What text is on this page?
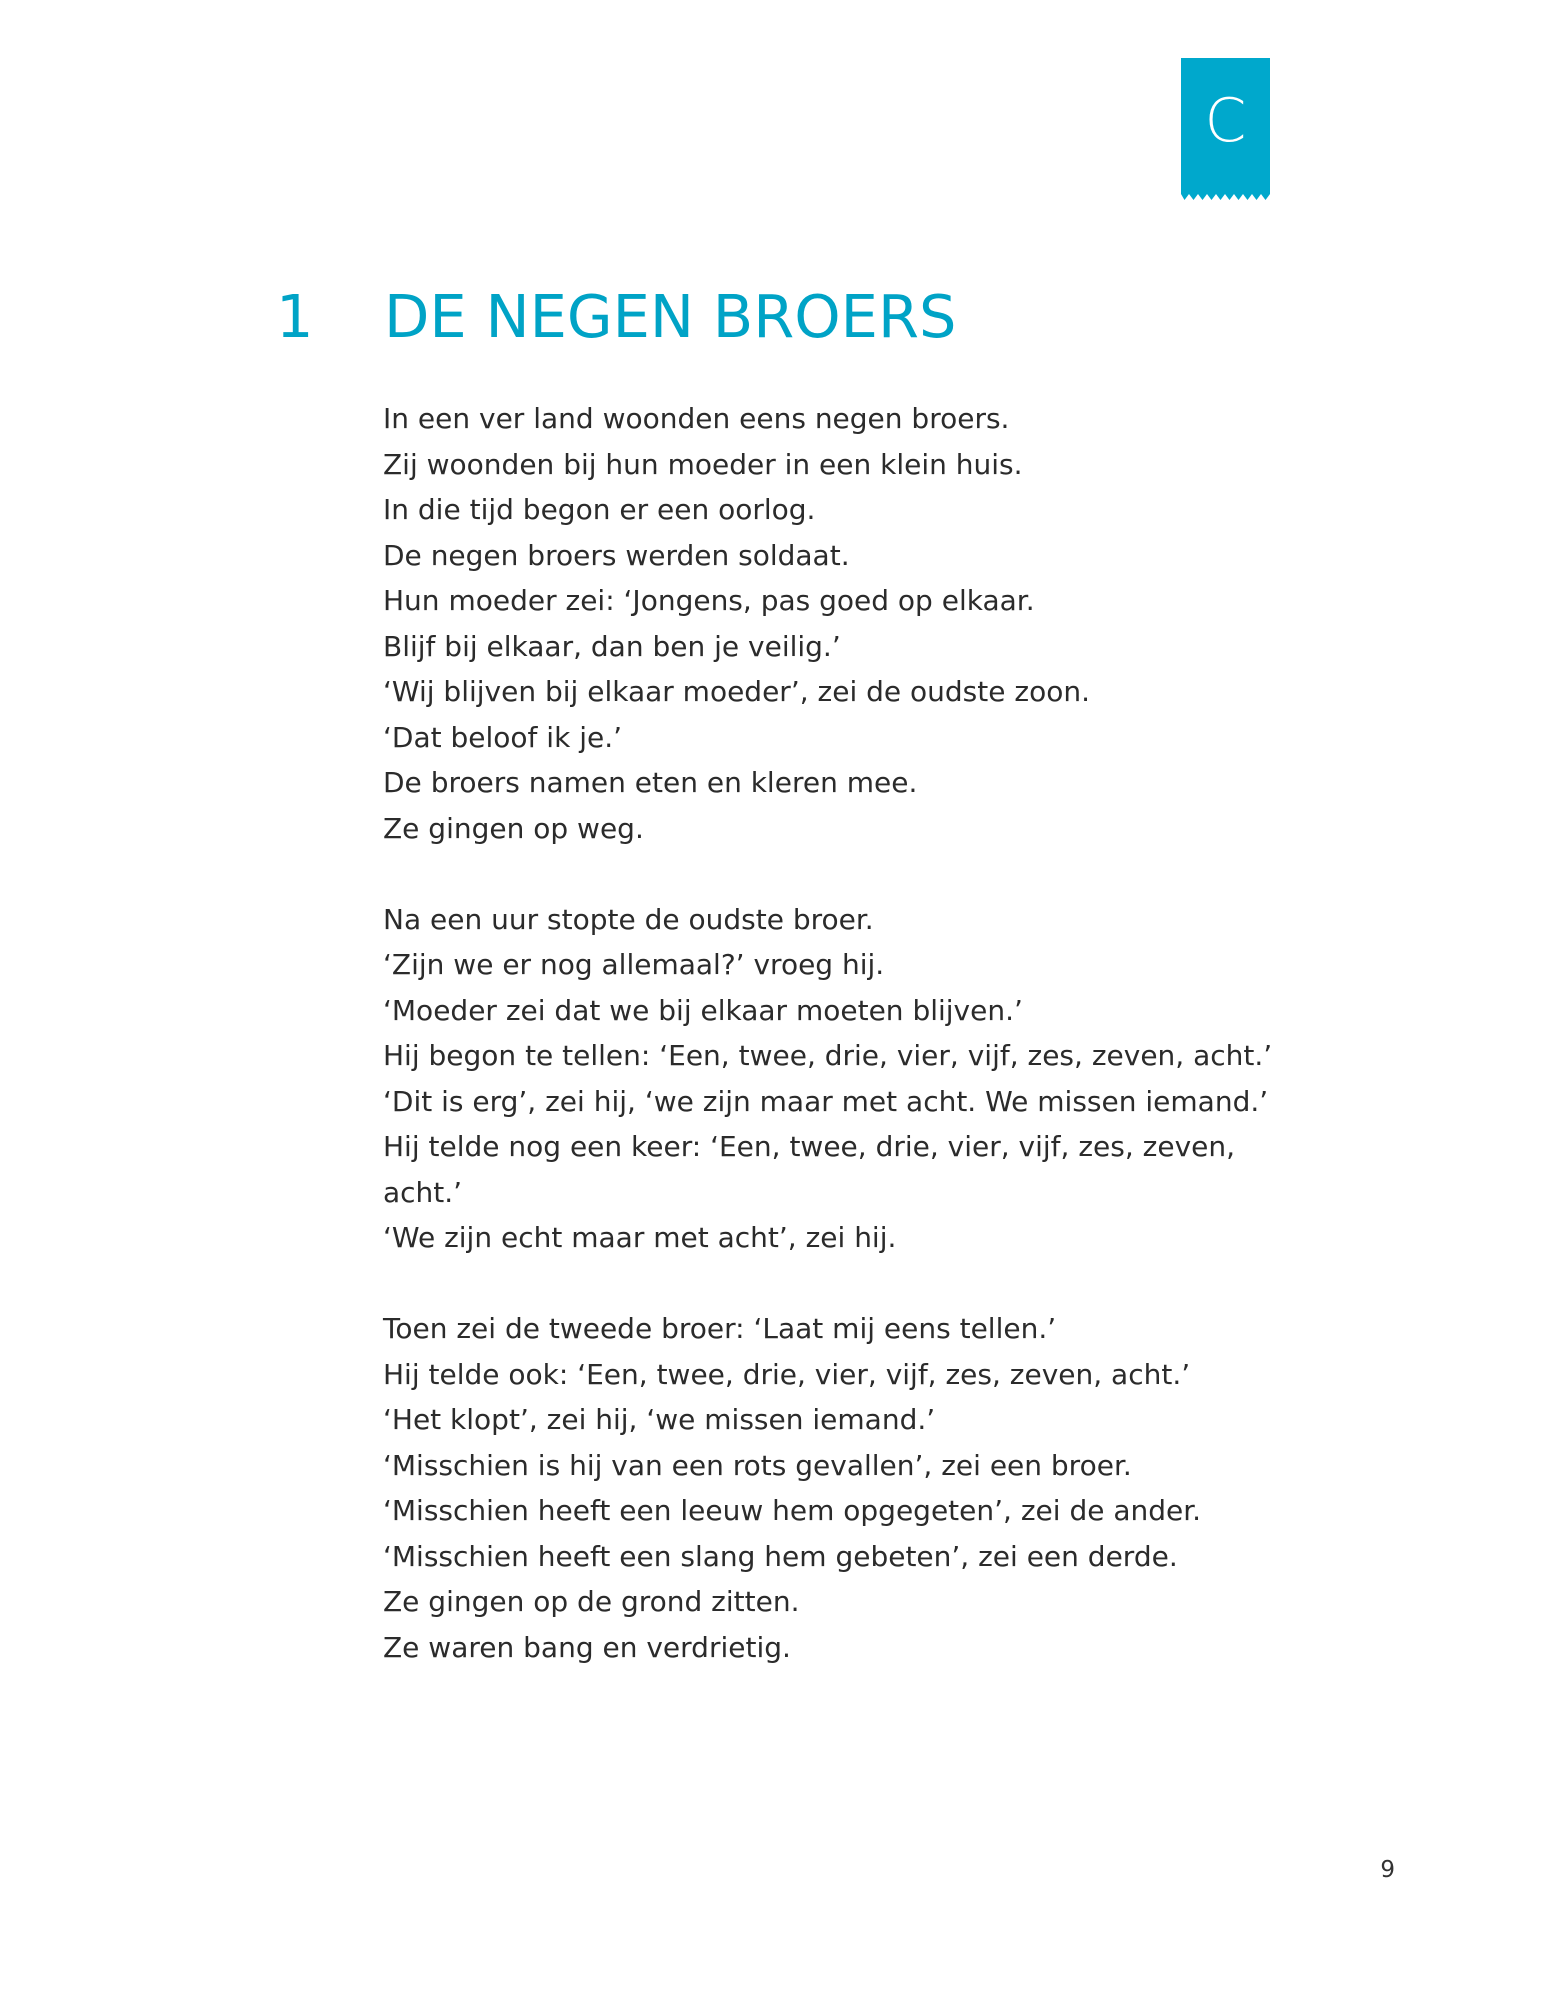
C
1 DE NEGEN BROERS
In een ver land woonden eens negen broers.
Zij woonden bij hun moeder in een klein huis.
In die tijd begon er een oorlog.
De negen broers werden soldaat.
Hun moeder zei: ‘Jongens, pas goed op elkaar.
Blijf bij elkaar, dan ben je veilig.’
‘Wij blijven bij elkaar moeder’, zei de oudste zoon.
‘Dat beloof ik je.’
De broers namen eten en kleren mee.
Ze gingen op weg.
Na een uur stopte de oudste broer.
‘Zijn we er nog allemaal?’ vroeg hij.
‘Moeder zei dat we bij elkaar moeten blijven.’
Hij begon te tellen: ‘Een, twee, drie, vier, vijf, zes, zeven, acht.’
‘Dit is erg’, zei hij, ‘we zijn maar met acht. We missen iemand.’
Hij telde nog een keer: ‘Een, twee, drie, vier, vijf, zes, zeven,
acht.’
‘We zijn echt maar met acht’, zei hij.
Toen zei de tweede broer: ‘Laat mij eens tellen.’
Hij telde ook: ‘Een, twee, drie, vier, vijf, zes, zeven, acht.’
‘Het klopt’, zei hij, ‘we missen iemand.’
‘Misschien is hij van een rots gevallen’, zei een broer.
‘Misschien heeft een leeuw hem opgegeten’, zei de ander.
‘Misschien heeft een slang hem gebeten’, zei een derde.
Ze gingen op de grond zitten.
Ze waren bang en verdrietig.
9
